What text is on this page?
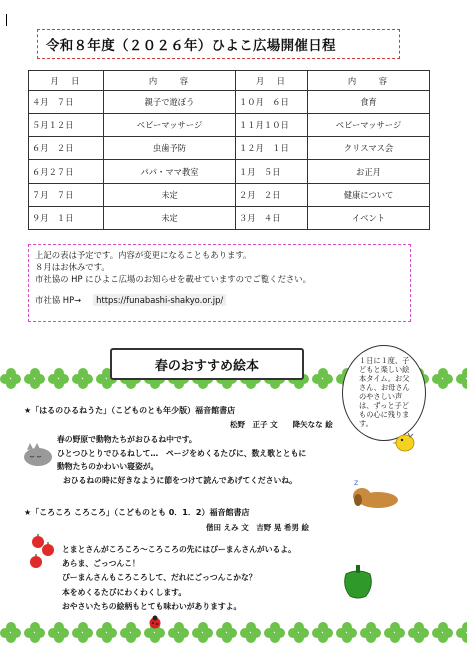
令和８年度（２０２６年）ひよこ広場開催日程
月　日	内　　容	月　日	内　　容
４月　７日	親子で遊ぼう	１０月　６日	食育
５月１２日	ベビーマッサージ	１１月１０日	ベビーマッサージ
６月　２日	虫歯予防	１２月　１日	クリスマス会
６月２７日	パパ・ママ教室	１月　５日	お正月
７月　７日	未定	２月　２日	健康について
９月　１日	未定	３月　４日	イベント
上記の表は予定です。内容が変更になることもあります。
８月はお休みです。
市社協の HP にひよこ広場のお知らせを載せていますのでご覧ください。
市社協 HP→	https://funabashi-shakyo.or.jp/
春のおすすめ絵本	１日に１度、子どもと楽しい絵本タイム。お父さん、お母さんのやさしい声は、ずっと子どもの心に残ります。
★「はるのひるねうた」（こどものとも年少版）福音館書店
松野　正子 文　　降矢なな 絵
春の野原で動物たちがおひるね中です。
ひとつひとりでひるねして…　ページをめくるたびに、数え歌とともに
動物たちのかわいい寝姿が。
おひるねの時に好きなように節をつけて読んであげてくださいね。	z
★「ころころ ころころ」（こどものとも 0．1．2）福音館書店
偕田 えみ 文　吉野 晃 希男 絵
とまとさんがころころ～ころころの先にはぴーまんさんがいるよ。
あらま、ごっつんこ！
ぴーまんさんもころころして、だれにごっつんこかな？
本をめくるたびにわくわくします。
おやさいたちの絵柄もとても味わいがありますよ。
